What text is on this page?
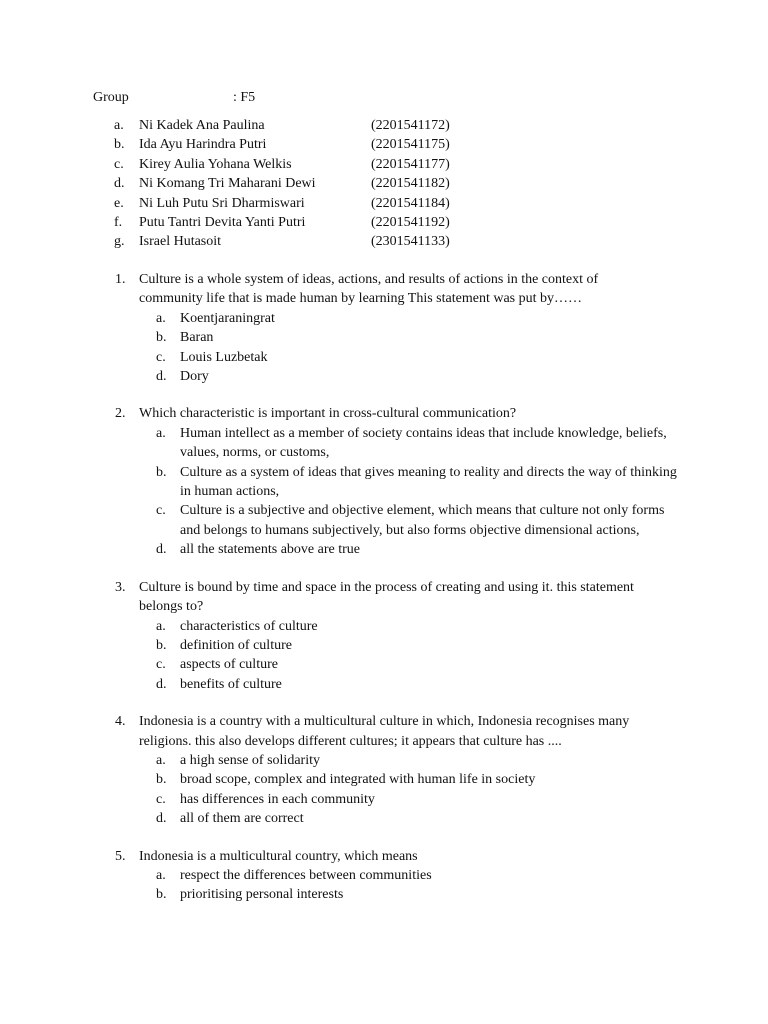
Group	: F5
a. Ni Kadek Ana Paulina	(2201541172)
b. Ida Ayu Harindra Putri	(2201541175)
c. Kirey Aulia Yohana Welkis	(2201541177)
d. Ni Komang Tri Maharani Dewi	(2201541182)
e. Ni Luh Putu Sri Dharmiswari	(2201541184)
f. Putu Tantri Devita Yanti Putri	(2201541192)
g. Israel Hutasoit	(2301541133)
1. Culture is a whole system of ideas, actions, and results of actions in the context of community life that is made human by learning This statement was put by……
a. Koentjaraningrat
b. Baran
c. Louis Luzbetak
d. Dory
2. Which characteristic is important in cross-cultural communication?
a. Human intellect as a member of society contains ideas that include knowledge, beliefs, values, norms, or customs,
b. Culture as a system of ideas that gives meaning to reality and directs the way of thinking in human actions,
c. Culture is a subjective and objective element, which means that culture not only forms and belongs to humans subjectively, but also forms objective dimensional actions,
d. all the statements above are true
3. Culture is bound by time and space in the process of creating and using it. this statement belongs to?
a. characteristics of culture
b. definition of culture
c. aspects of culture
d. benefits of culture
4. Indonesia is a country with a multicultural culture in which, Indonesia recognises many religions. this also develops different cultures; it appears that culture has ....
a. a high sense of solidarity
b. broad scope, complex and integrated with human life in society
c. has differences in each community
d. all of them are correct
5. Indonesia is a multicultural country, which means
a. respect the differences between communities
b. prioritising personal interests
